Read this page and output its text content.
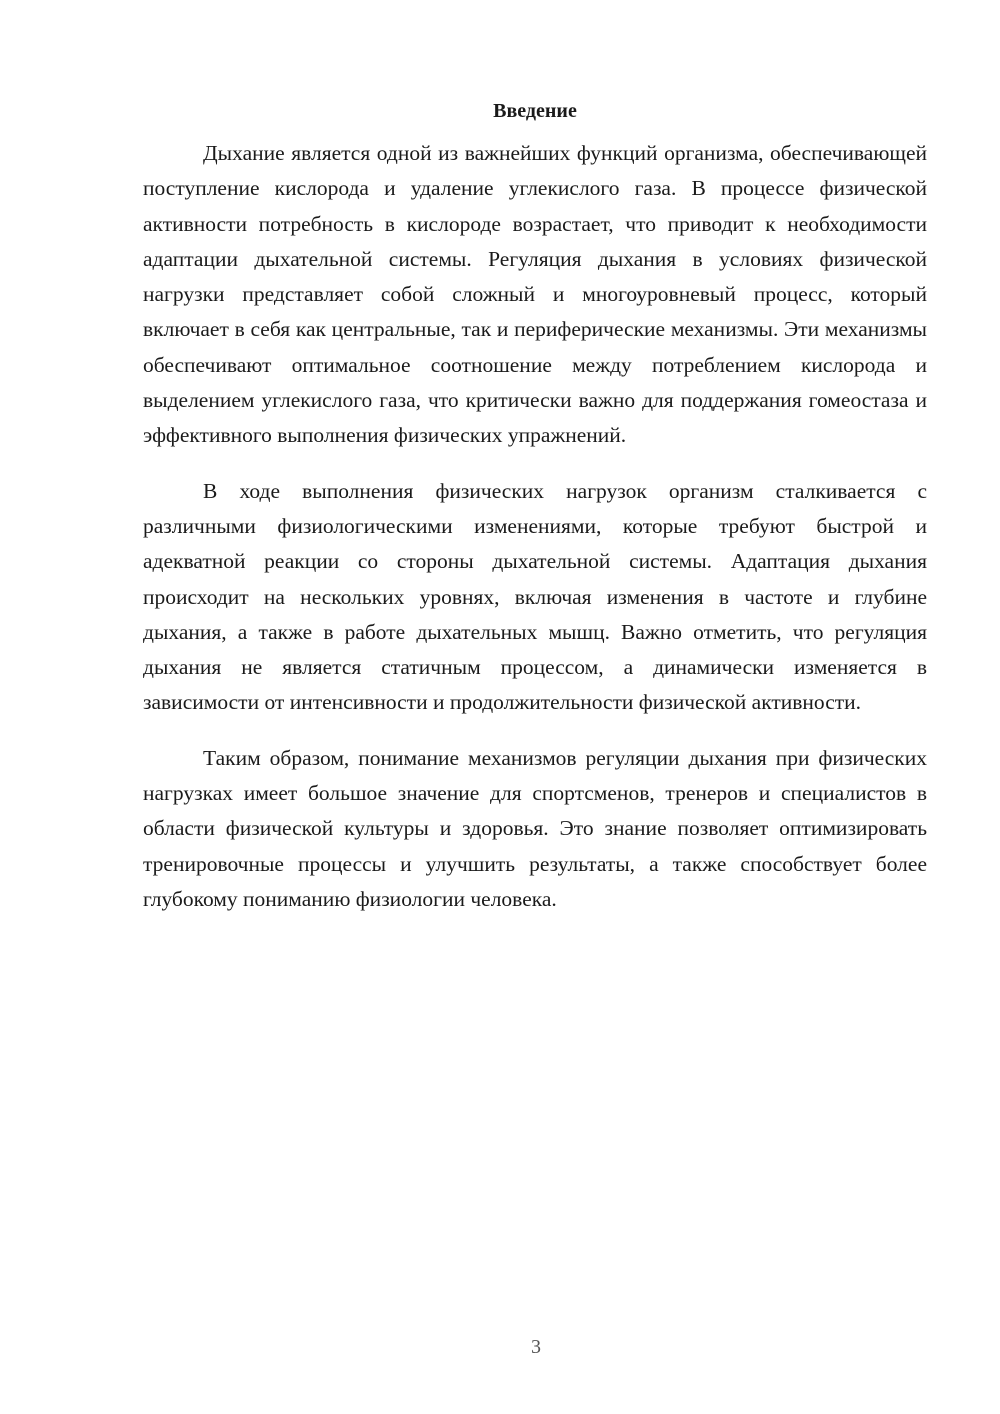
Введение

Дыхание является одной из важнейших функций организма, обеспечивающей поступление кислорода и удаление углекислого газа. В процессе физической активности потребность в кислороде возрастает, что приводит к необходимости адаптации дыхательной системы. Регуляция дыхания в условиях физической нагрузки представляет собой сложный и многоуровневый процесс, который включает в себя как центральные, так и периферические механизмы. Эти механизмы обеспечивают оптимальное соотношение между потреблением кислорода и выделением углекислого газа, что критически важно для поддержания гомеостаза и эффективного выполнения физических упражнений.

В ходе выполнения физических нагрузок организм сталкивается с различными физиологическими изменениями, которые требуют быстрой и адекватной реакции со стороны дыхательной системы. Адаптация дыхания происходит на нескольких уровнях, включая изменения в частоте и глубине дыхания, а также в работе дыхательных мышц. Важно отметить, что регуляция дыхания не является статичным процессом, а динамически изменяется в зависимости от интенсивности и продолжительности физической активности.

Таким образом, понимание механизмов регуляции дыхания при физических нагрузках имеет большое значение для спортсменов, тренеров и специалистов в области физической культуры и здоровья. Это знание позволяет оптимизировать тренировочные процессы и улучшить результаты, а также способствует более глубокому пониманию физиологии человека.

3
